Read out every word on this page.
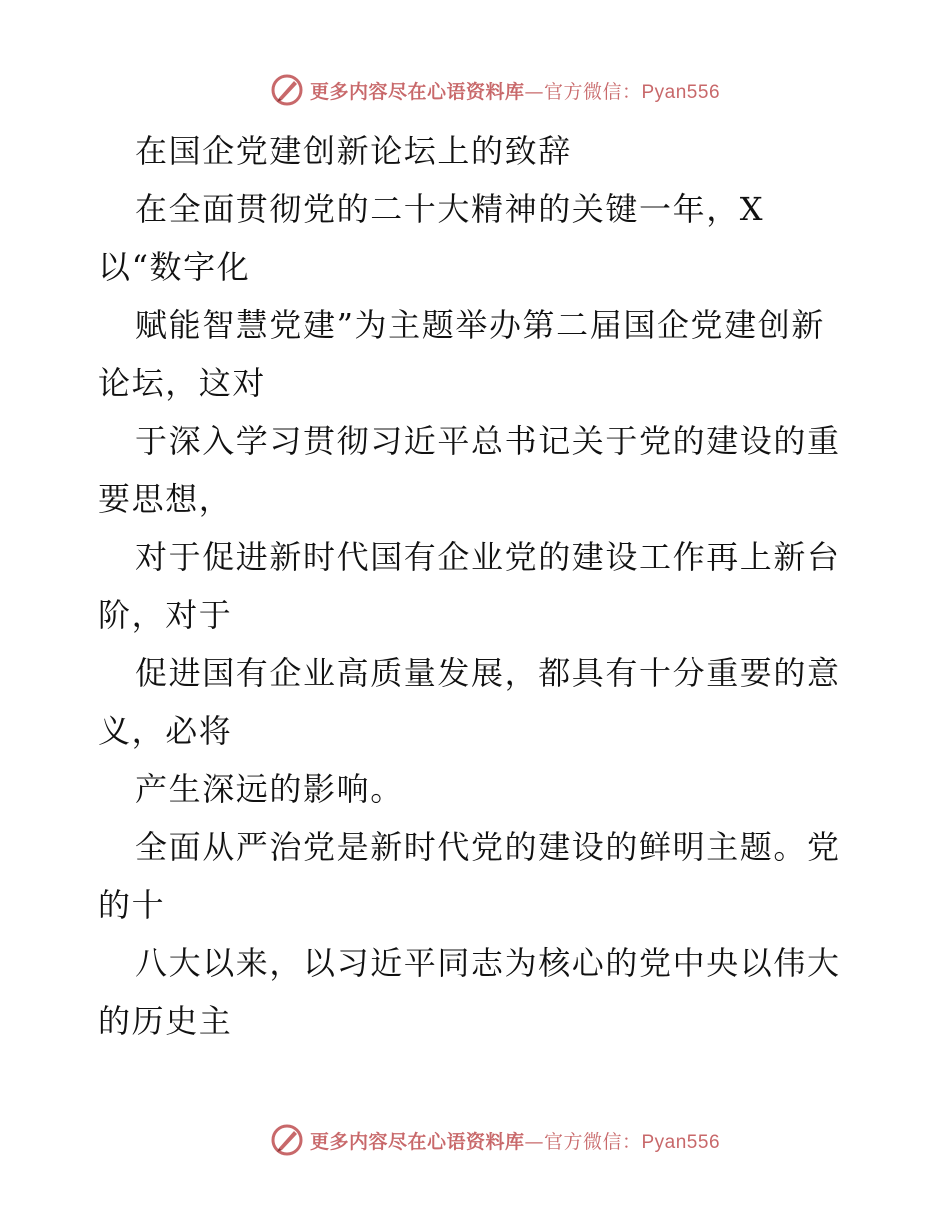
更多内容尽在心语资料库—官方微信：Pyan556
在国企党建创新论坛上的致辞
在全面贯彻党的二十大精神的关键一年，X
以“数字化
赋能智慧党建”为主题举办第二届国企党建创新
论坛，这对
于深入学习贯彻习近平总书记关于党的建设的重
要思想，
对于促进新时代国有企业党的建设工作再上新台
阶，对于
促进国有企业高质量发展，都具有十分重要的意
义，必将
产生深远的影响。
全面从严治党是新时代党的建设的鲜明主题。党
的十
八大以来，以习近平同志为核心的党中央以伟大
的历史主
更多内容尽在心语资料库—官方微信：Pyan556
